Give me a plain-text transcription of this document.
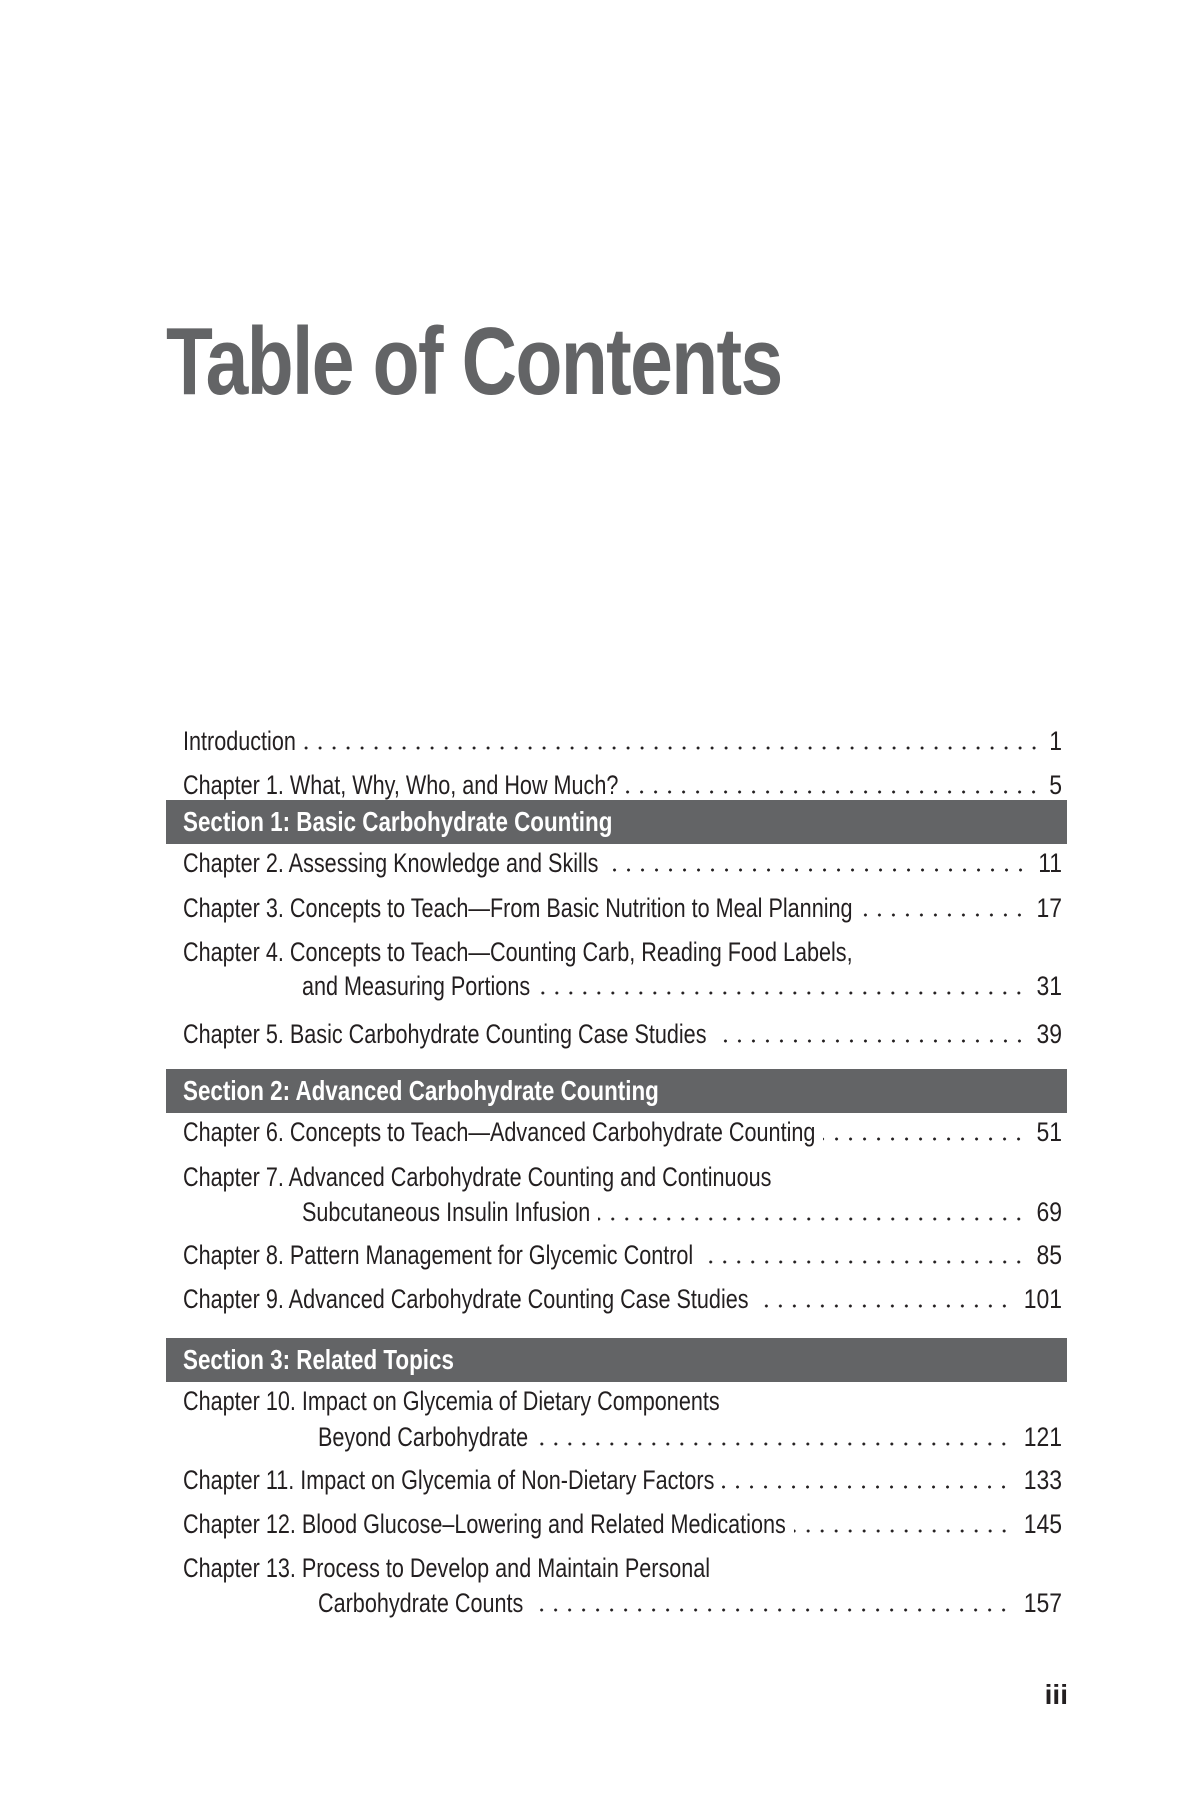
Table of Contents
Introduction	1
Chapter 1. What, Why, Who, and How Much?	5
Section 1: Basic Carbohydrate Counting
Chapter 2. Assessing Knowledge and Skills	11
Chapter 3. Concepts to Teach—From Basic Nutrition to Meal Planning	17
Chapter 4. Concepts to Teach—Counting Carb, Reading Food Labels,
and Measuring Portions	31
Chapter 5. Basic Carbohydrate Counting Case Studies	39
Section 2: Advanced Carbohydrate Counting
Chapter 6. Concepts to Teach—Advanced Carbohydrate Counting	51
Chapter 7. Advanced Carbohydrate Counting and Continuous
Subcutaneous Insulin Infusion	69
Chapter 8. Pattern Management for Glycemic Control	85
Chapter 9. Advanced Carbohydrate Counting Case Studies	101
Section 3: Related Topics
Chapter 10. Impact on Glycemia of Dietary Components
Beyond Carbohydrate	121
Chapter 11. Impact on Glycemia of Non-Dietary Factors	133
Chapter 12. Blood Glucose–Lowering and Related Medications	145
Chapter 13. Process to Develop and Maintain Personal
Carbohydrate Counts	157
iii
